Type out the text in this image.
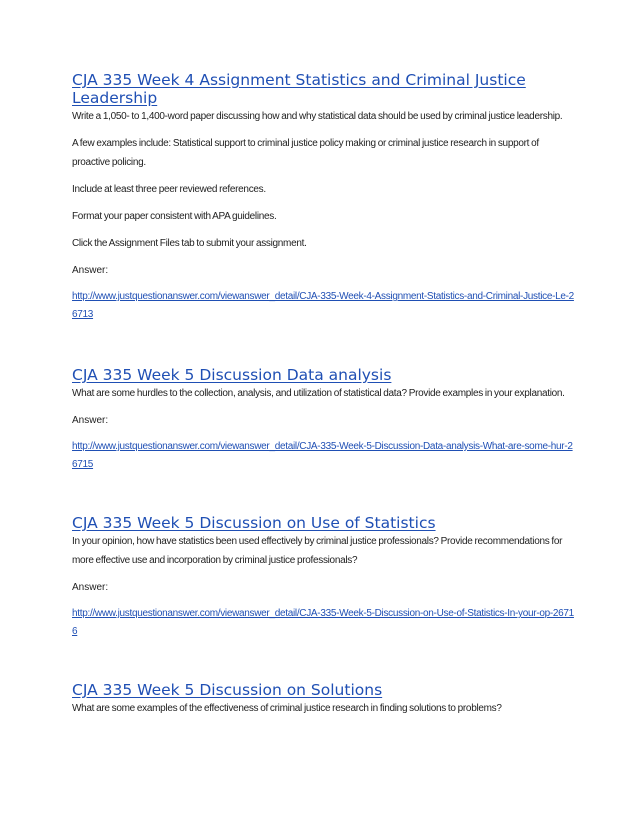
CJA 335 Week 4 Assignment Statistics and Criminal Justice Leadership

Write a 1,050- to 1,400-word paper discussing how and why statistical data should be used by criminal justice leadership.

A few examples include: Statistical support to criminal justice policy making or criminal justice research in support of proactive policing.

Include at least three peer reviewed references.

Format your paper consistent with APA guidelines.

Click the Assignment Files tab to submit your assignment.

Answer:

http://www.justquestionanswer.com/viewanswer_detail/CJA-335-Week-4-Assignment-Statistics-and-Criminal-Justice-Le-26713
CJA 335 Week 5 Discussion Data analysis

What are some hurdles to the collection, analysis, and utilization of statistical data? Provide examples in your explanation.

Answer:

http://www.justquestionanswer.com/viewanswer_detail/CJA-335-Week-5-Discussion-Data-analysis-What-are-some-hur-26715
CJA 335 Week 5 Discussion on Use of Statistics

In your opinion, how have statistics been used effectively by criminal justice professionals? Provide recommendations for more effective use and incorporation by criminal justice professionals?

Answer:

http://www.justquestionanswer.com/viewanswer_detail/CJA-335-Week-5-Discussion-on-Use-of-Statistics-In-your-op-26716
CJA 335 Week 5 Discussion on Solutions

What are some examples of the effectiveness of criminal justice research in finding solutions to problems?
